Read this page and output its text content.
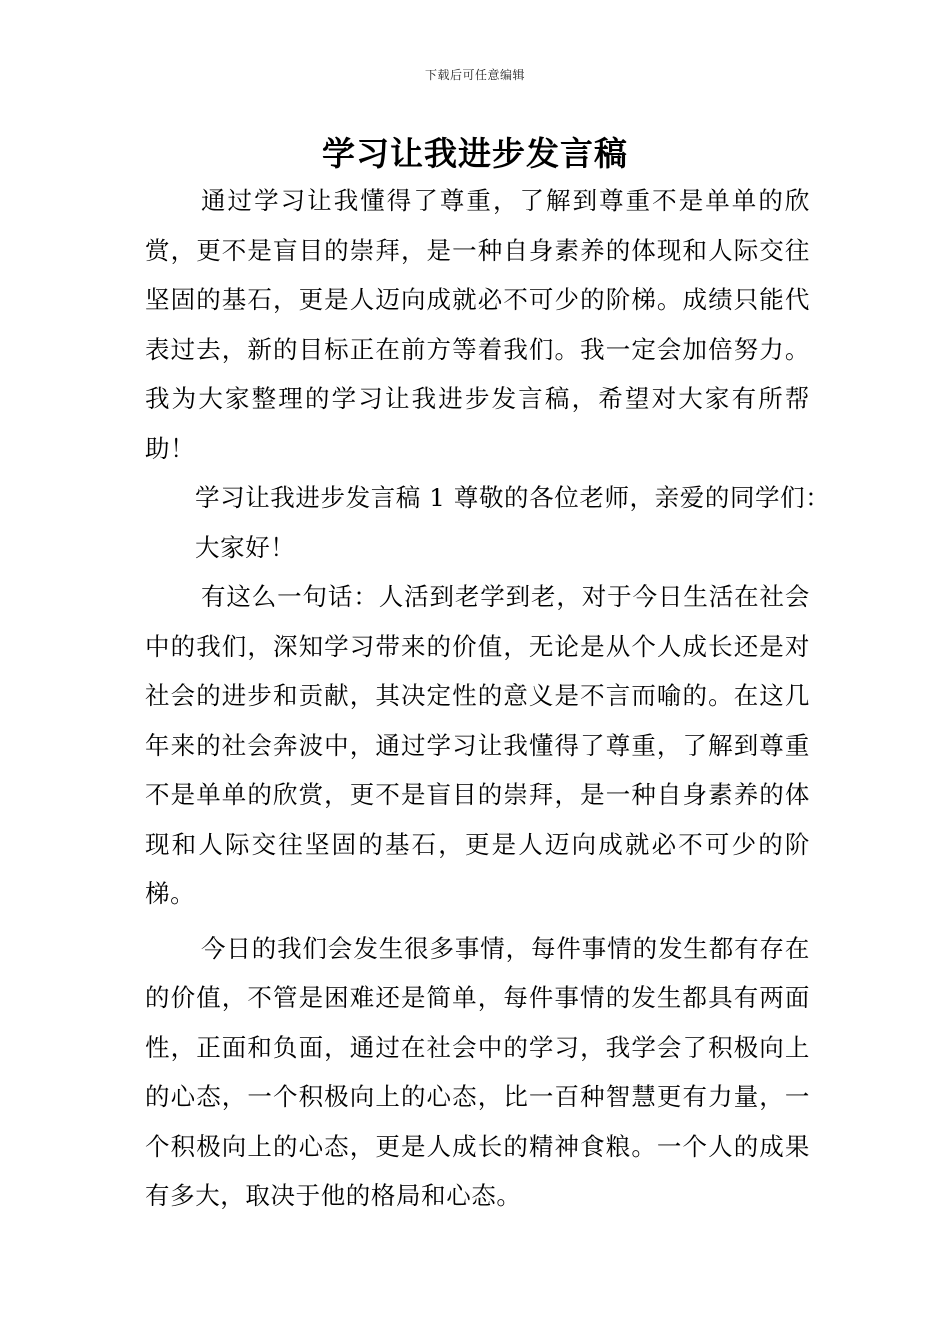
下载后可任意编辑
学习让我进步发言稿

通过学习让我懂得了尊重，了解到尊重不是单单的欣赏，更不是盲目的崇拜，是一种自身素养的体现和人际交往坚固的基石，更是人迈向成就必不可少的阶梯。成绩只能代表过去，新的目标正在前方等着我们。我一定会加倍努力。我为大家整理的学习让我进步发言稿，希望对大家有所帮助！

学习让我进步发言稿 1 尊敬的各位老师，亲爱的同学们：

大家好！

有这么一句话：人活到老学到老，对于今日生活在社会中的我们，深知学习带来的价值，无论是从个人成长还是对社会的进步和贡献，其决定性的意义是不言而喻的。在这几年来的社会奔波中，通过学习让我懂得了尊重，了解到尊重不是单单的欣赏，更不是盲目的崇拜，是一种自身素养的体现和人际交往坚固的基石，更是人迈向成就必不可少的阶梯。

今日的我们会发生很多事情，每件事情的发生都有存在的价值，不管是困难还是简单，每件事情的发生都具有两面性，正面和负面，通过在社会中的学习，我学会了积极向上的心态，一个积极向上的心态，比一百种智慧更有力量，一个积极向上的心态，更是人成长的精神食粮。一个人的成果有多大，取决于他的格局和心态。
